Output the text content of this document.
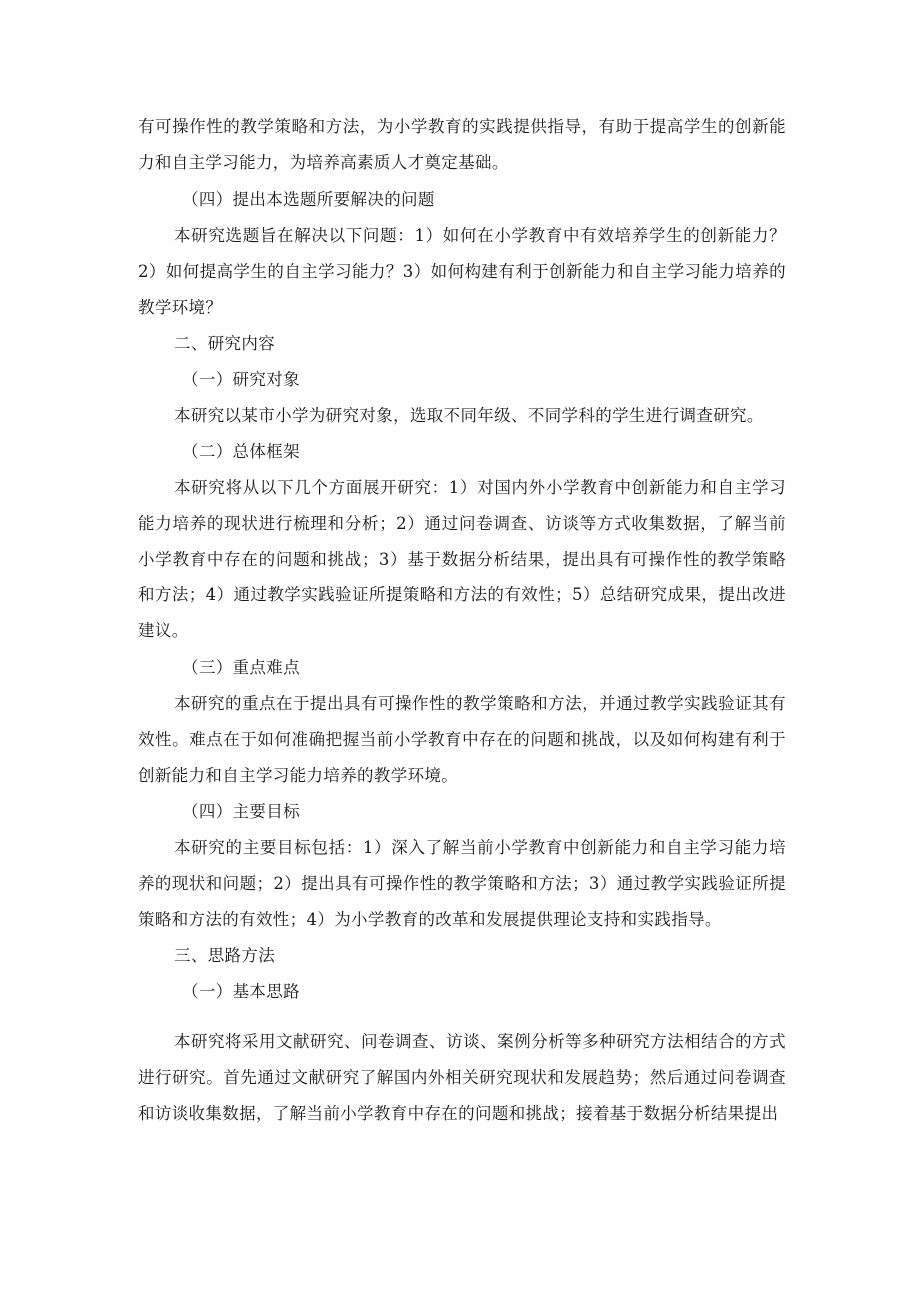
有可操作性的教学策略和方法，为小学教育的实践提供指导，有助于提高学生的创新能力和自主学习能力，为培养高素质人才奠定基础。

（四）提出本选题所要解决的问题

本研究选题旨在解决以下问题：1）如何在小学教育中有效培养学生的创新能力？2）如何提高学生的自主学习能力？3）如何构建有利于创新能力和自主学习能力培养的教学环境？

二、研究内容

（一）研究对象

本研究以某市小学为研究对象，选取不同年级、不同学科的学生进行调查研究。

（二）总体框架

本研究将从以下几个方面展开研究：1）对国内外小学教育中创新能力和自主学习能力培养的现状进行梳理和分析；2）通过问卷调查、访谈等方式收集数据，了解当前小学教育中存在的问题和挑战；3）基于数据分析结果，提出具有可操作性的教学策略和方法；4）通过教学实践验证所提策略和方法的有效性；5）总结研究成果，提出改进建议。

（三）重点难点

本研究的重点在于提出具有可操作性的教学策略和方法，并通过教学实践验证其有效性。难点在于如何准确把握当前小学教育中存在的问题和挑战，以及如何构建有利于创新能力和自主学习能力培养的教学环境。

（四）主要目标

本研究的主要目标包括：1）深入了解当前小学教育中创新能力和自主学习能力培养的现状和问题；2）提出具有可操作性的教学策略和方法；3）通过教学实践验证所提策略和方法的有效性；4）为小学教育的改革和发展提供理论支持和实践指导。

三、思路方法

（一）基本思路

本研究将采用文献研究、问卷调查、访谈、案例分析等多种研究方法相结合的方式进行研究。首先通过文献研究了解国内外相关研究现状和发展趋势；然后通过问卷调查和访谈收集数据，了解当前小学教育中存在的问题和挑战；接着基于数据分析结果提出
